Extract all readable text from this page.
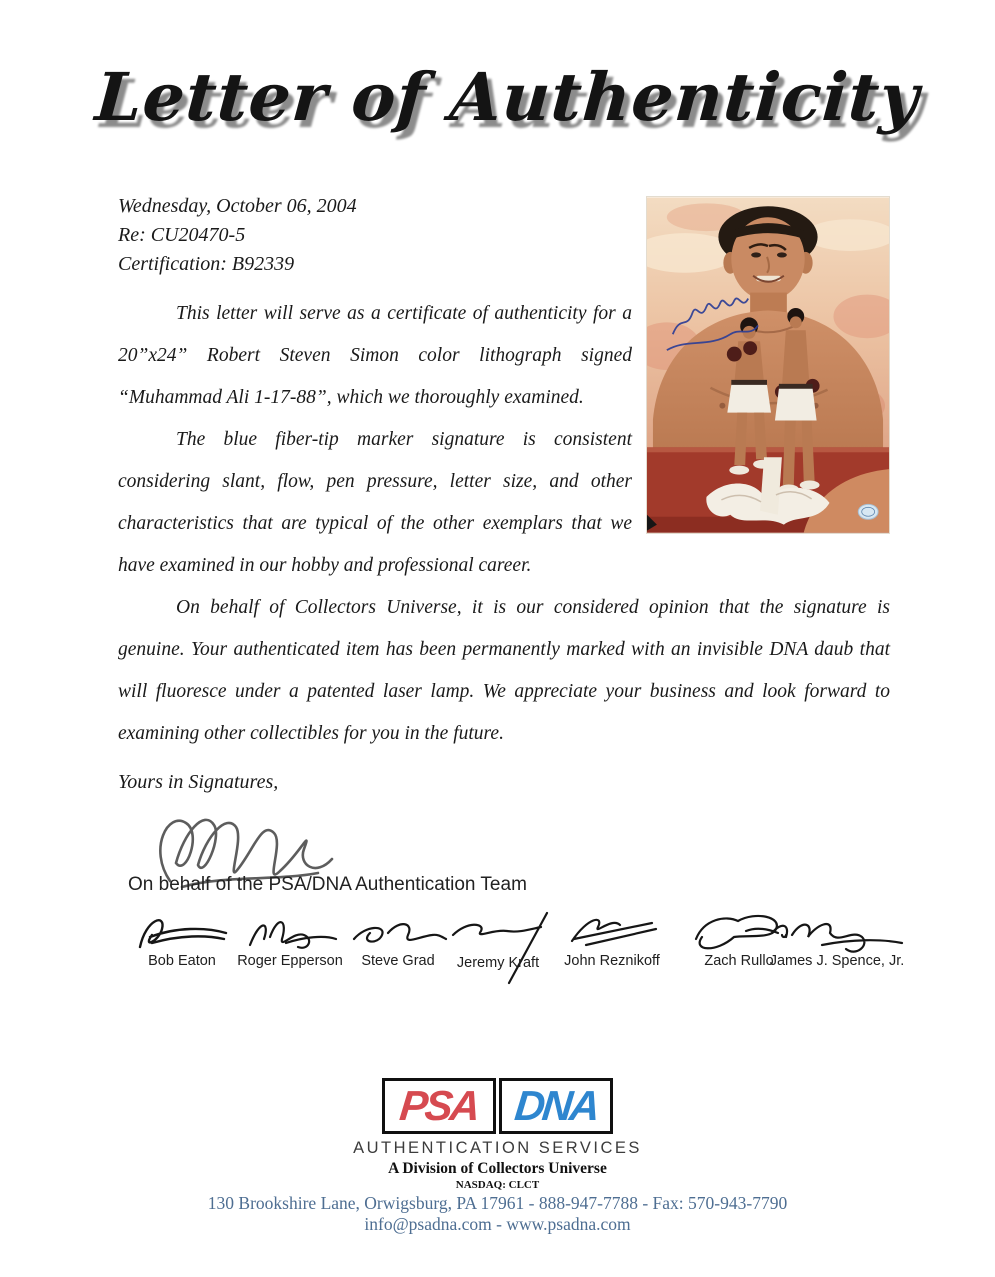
Letter of Authenticity
Wednesday, October 06, 2004
Re: CU20470-5
Certification: B92339

This letter will serve as a certificate of authenticity for a 20”x24” Robert Steven Simon color lithograph signed “Muhammad Ali 1-17-88”, which we thoroughly examined.

The blue fiber-tip marker signature is consistent considering slant, flow, pen pressure, letter size, and other characteristics that are typical of the other exemplars that we have examined in our hobby and professional career.

On behalf of Collectors Universe, it is our considered opinion that the signature is genuine. Your authenticated item has been permanently marked with an invisible DNA daub that will fluoresce under a patented laser lamp. We appreciate your business and look forward to examining other collectibles for you in the future.

Yours in Signatures,

On behalf of the PSA/DNA Authentication Team

Bob Eaton	Roger Epperson	Steve Grad	Jeremy Kraft	John Reznikoff	Zach Rullo
James J. Spence, Jr.
PSA DNA
AUTHENTICATION SERVICES
A Division of Collectors Universe
NASDAQ: CLCT
130 Brookshire Lane, Orwigsburg, PA 17961 - 888-947-7788 - Fax: 570-943-7790
info@psadna.com - www.psadna.com
